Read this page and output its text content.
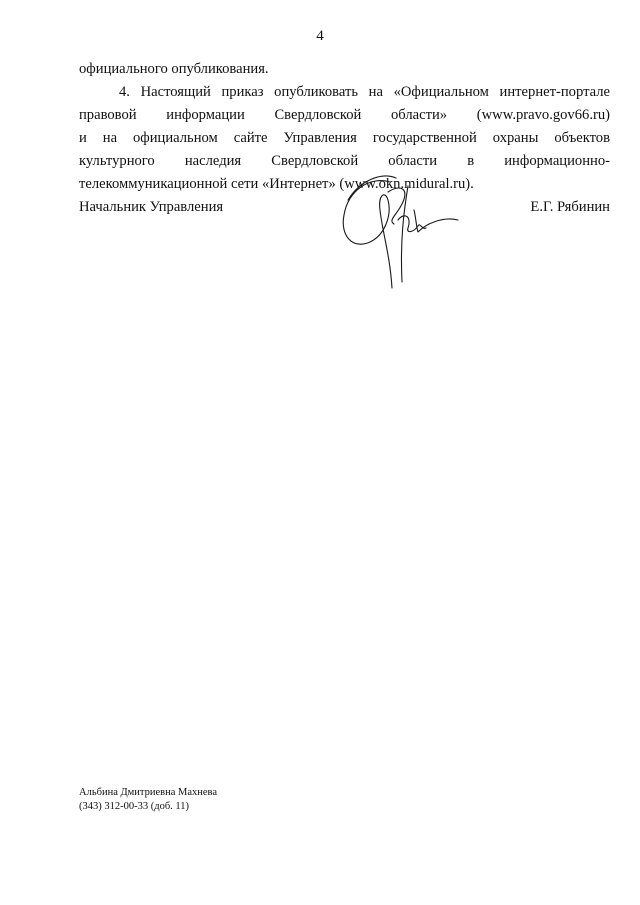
4
официального опубликования.
4. Настоящий приказ опубликовать на «Официальном интернет-портале
правовой информации Свердловской области» (www.pravo.gov66.ru)
и на официальном сайте Управления государственной охраны объектов
культурного наследия Свердловской области в информационно-
телекоммуникационной сети «Интернет» (www.okn.midural.ru).
Начальник Управления	Е.Г. Рябинин
Альбина Дмитриевна Махнева
(343) 312-00-33 (доб. 11)
